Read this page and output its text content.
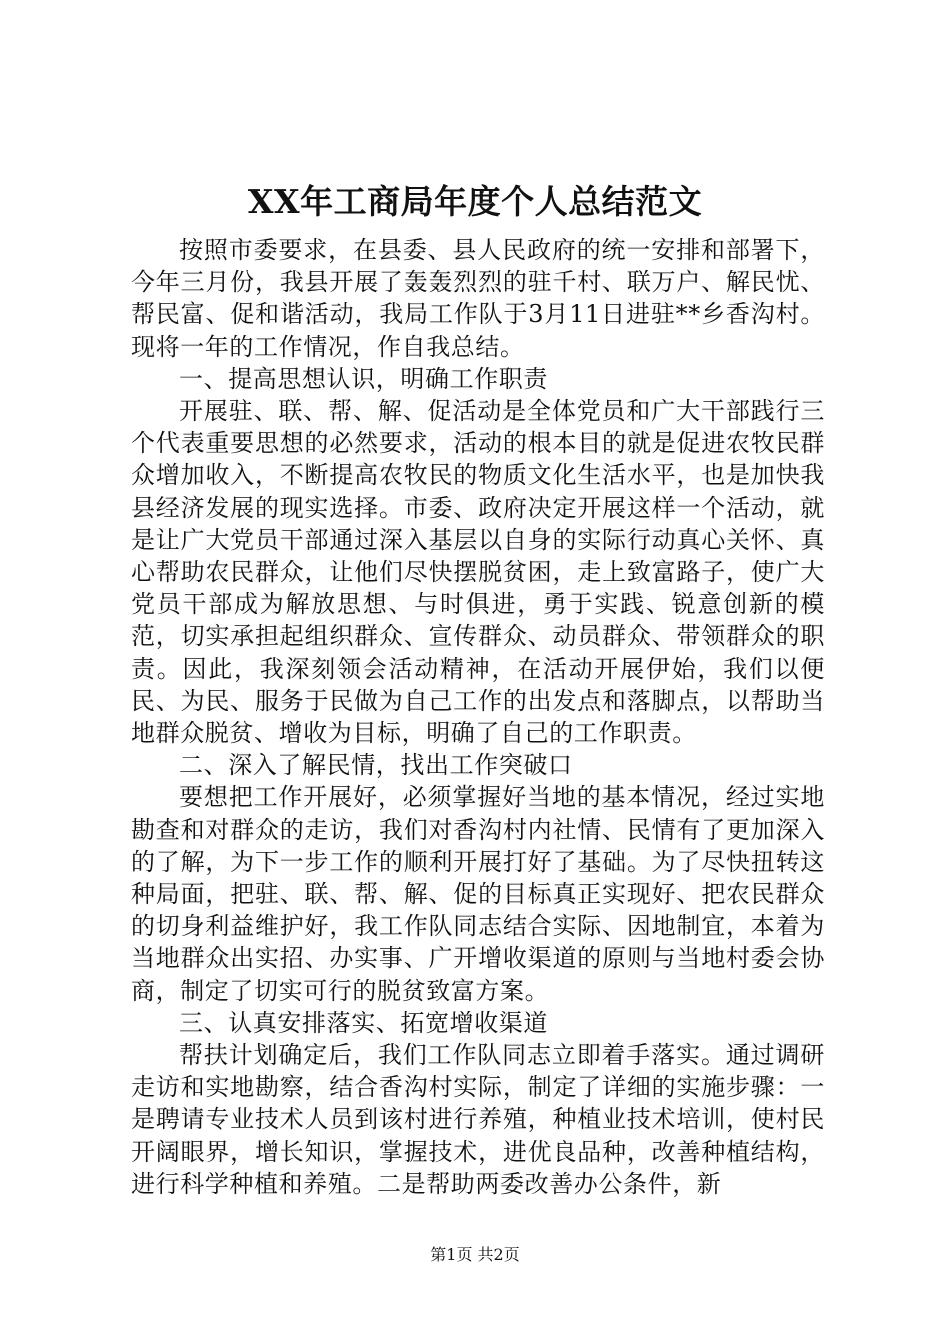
XX年工商局年度个人总结范文

按照市委要求，在县委、县人民政府的统一安排和部署下，今年三月份，我县开展了轰轰烈烈的驻千村、联万户、解民忧、帮民富、促和谐活动，我局工作队于3月11日进驻**乡香沟村。现将一年的工作情况，作自我总结。

一、提高思想认识，明确工作职责

开展驻、联、帮、解、促活动是全体党员和广大干部践行三个代表重要思想的必然要求，活动的根本目的就是促进农牧民群众增加收入，不断提高农牧民的物质文化生活水平，也是加快我县经济发展的现实选择。市委、政府决定开展这样一个活动，就是让广大党员干部通过深入基层以自身的实际行动真心关怀、真心帮助农民群众，让他们尽快摆脱贫困，走上致富路子，使广大党员干部成为解放思想、与时俱进，勇于实践、锐意创新的模范，切实承担起组织群众、宣传群众、动员群众、带领群众的职责。因此，我深刻领会活动精神，在活动开展伊始，我们以便民、为民、服务于民做为自己工作的出发点和落脚点，以帮助当地群众脱贫、增收为目标，明确了自己的工作职责。

二、深入了解民情，找出工作突破口

要想把工作开展好，必须掌握好当地的基本情况，经过实地勘查和对群众的走访，我们对香沟村内社情、民情有了更加深入的了解，为下一步工作的顺利开展打好了基础。为了尽快扭转这种局面，把驻、联、帮、解、促的目标真正实现好、把农民群众的切身利益维护好，我工作队同志结合实际、因地制宜，本着为当地群众出实招、办实事、广开增收渠道的原则与当地村委会协商，制定了切实可行的脱贫致富方案。

三、认真安排落实、拓宽增收渠道

帮扶计划确定后，我们工作队同志立即着手落实。通过调研走访和实地勘察，结合香沟村实际，制定了详细的实施步骤：一是聘请专业技术人员到该村进行养殖，种植业技术培训，使村民开阔眼界，增长知识，掌握技术，进优良品种，改善种植结构，进行科学种植和养殖。二是帮助两委改善办公条件，新

第1页 共2页
